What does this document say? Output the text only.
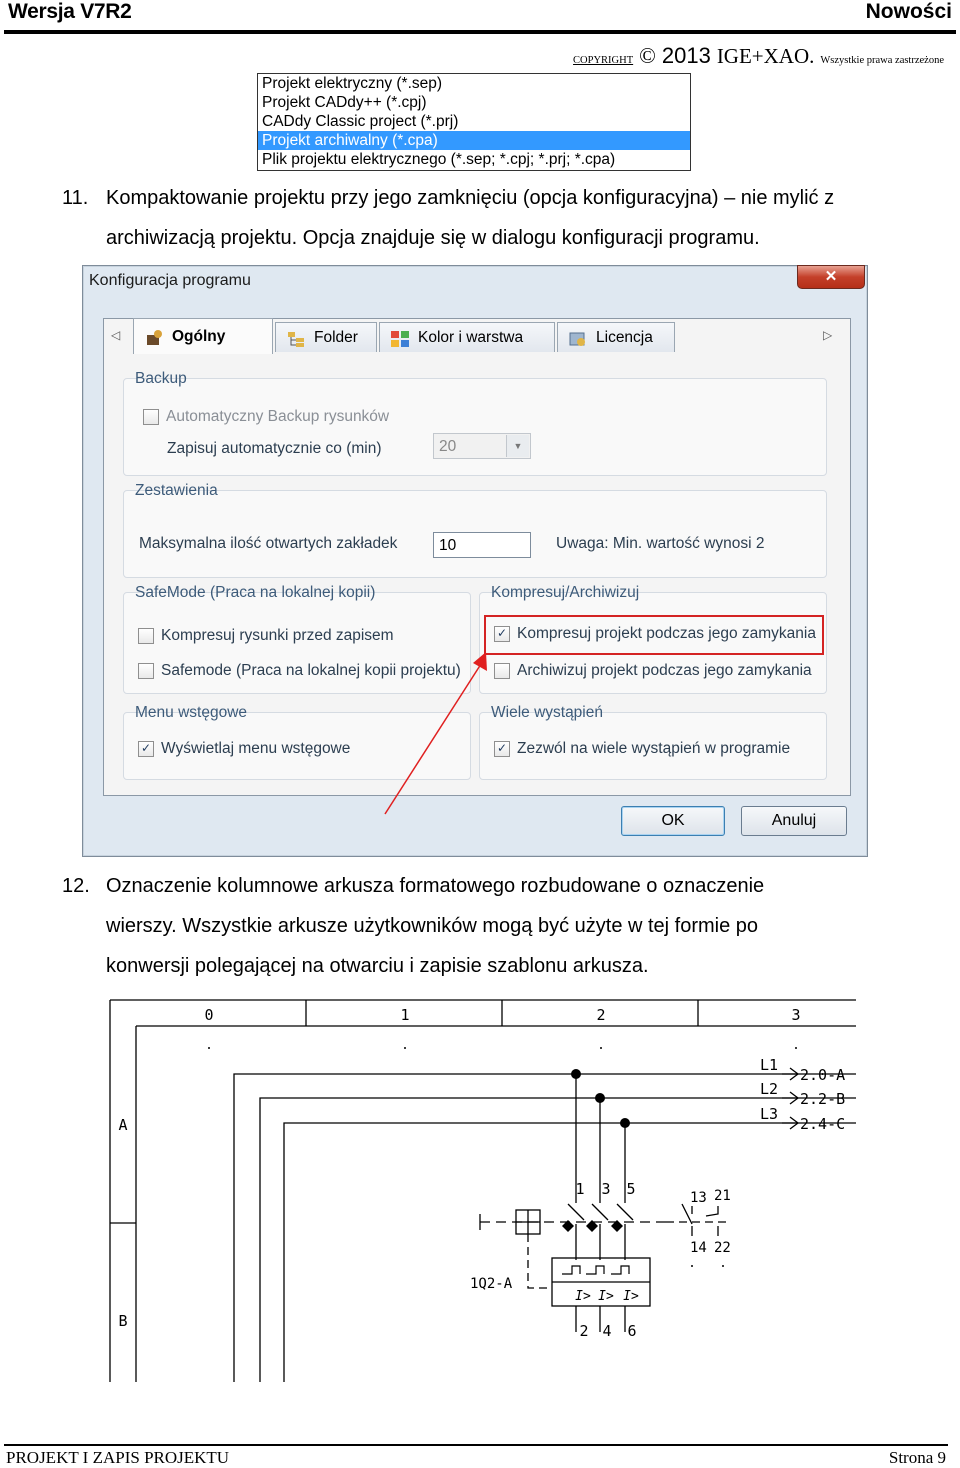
Wersja V7R2	Nowości
COPYRIGHT © 2013 IGE+XAO. Wszystkie prawa zastrzeżone
Projekt elektryczny (*.sep)
Projekt CADdy++ (*.cpj)
CADdy Classic project (*.prj)
Projekt archiwalny (*.cpa)
Plik projektu elektrycznego (*.sep; *.cpj; *.prj; *.cpa)
11. Kompaktowanie projektu przy jego zamknięciu (opcja konfiguracyjna) – nie mylić z
archiwizacją projektu. Opcja znajduje się w dialogu konfiguracji programu.
Konfiguracja programu	✕
◁	Ogólny	Folder	Kolor i warstwa	Licencja	▷
Backup
Automatyczny Backup rysunków
Zapisuj automatycznie co (min)	20	▼
Zestawienia
Maksymalna ilość otwartych zakładek	10	Uwaga: Min. wartość wynosi 2
SafeMode (Praca na lokalnej kopii)
Kompresuj rysunki przed zapisem
Safemode (Praca na lokalnej kopii projektu)
Kompresuj/Archiwizuj
✓ Kompresuj projekt podczas jego zamykania
Archiwizuj projekt podczas jego zamykania
Menu wstęgowe
✓ Wyświetlaj menu wstęgowe
Wiele wystąpień
✓ Zezwól na wiele wystąpień w programie
OK	Anuluj
12. Oznaczenie kolumnowe arkusza formatowego rozbudowane o oznaczenie
wierszy. Wszystkie arkusze użytkowników mogą być użyte w tej formie po
konwersji polegającej na otwarciu i zapisie szablonu arkusza.
0	1	2	3
A
B
L1
L2
L3
2.0-A
2.2-B
2.4-C
1 3 5
2 4 6
13 21
14 22
1Q2-A
I> I> I>
PROJEKT I ZAPIS PROJEKTU	Strona 9
